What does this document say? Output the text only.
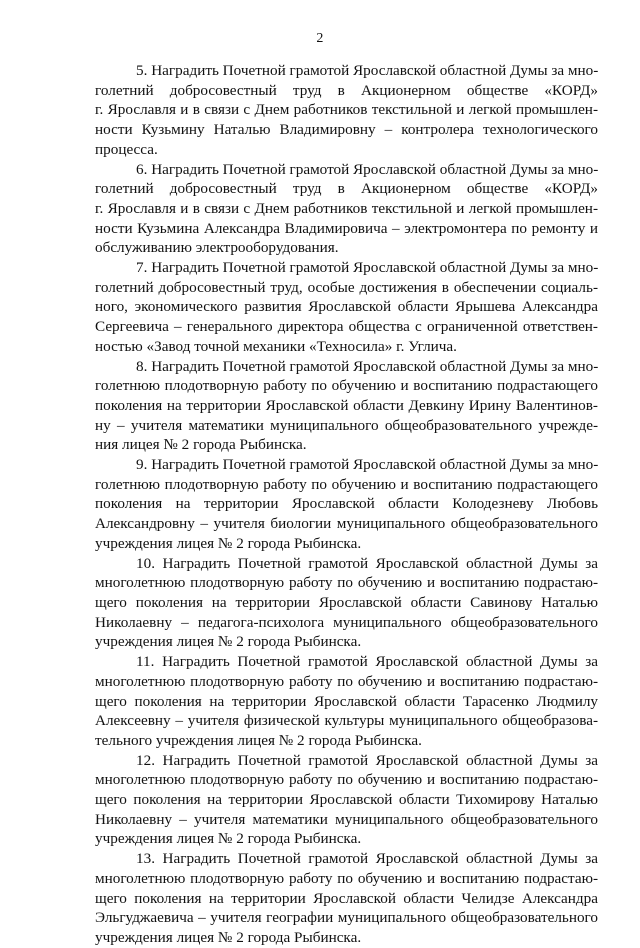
2

5. Наградить Почетной грамотой Ярославской областной Думы за мно-
голетний добросовестный труд в Акционерном обществе «КОРД»
г. Ярославля и в связи с Днем работников текстильной и легкой промышлен-
ности Кузьмину Наталью Владимировну – контролера технологического
процесса.

6. Наградить Почетной грамотой Ярославской областной Думы за мно-
голетний добросовестный труд в Акционерном обществе «КОРД»
г. Ярославля и в связи с Днем работников текстильной и легкой промышлен-
ности Кузьмина Александра Владимировича – электромонтера по ремонту и
обслуживанию электрооборудования.

7. Наградить Почетной грамотой Ярославской областной Думы за мно-
голетний добросовестный труд, особые достижения в обеспечении социаль-
ного, экономического развития Ярославской области Ярышева Александра
Сергеевича – генерального директора общества с ограниченной ответствен-
ностью «Завод точной механики «Техносила» г. Углича.

8. Наградить Почетной грамотой Ярославской областной Думы за мно-
голетнюю плодотворную работу по обучению и воспитанию подрастающего
поколения на территории Ярославской области Девкину Ирину Валентинов-
ну – учителя математики муниципального общеобразовательного учрежде-
ния лицея № 2 города Рыбинска.

9. Наградить Почетной грамотой Ярославской областной Думы за мно-
голетнюю плодотворную работу по обучению и воспитанию подрастающего
поколения на территории Ярославской области Колодезневу Любовь
Александровну – учителя биологии муниципального общеобразовательного
учреждения лицея № 2 города Рыбинска.

10. Наградить Почетной грамотой Ярославской областной Думы за
многолетнюю плодотворную работу по обучению и воспитанию подрастаю-
щего поколения на территории Ярославской области Савинову Наталью
Николаевну – педагога-психолога муниципального общеобразовательного
учреждения лицея № 2 города Рыбинска.

11. Наградить Почетной грамотой Ярославской областной Думы за
многолетнюю плодотворную работу по обучению и воспитанию подрастаю-
щего поколения на территории Ярославской области Тарасенко Людмилу
Алексеевну – учителя физической культуры муниципального общеобразова-
тельного учреждения лицея № 2 города Рыбинска.

12. Наградить Почетной грамотой Ярославской областной Думы за
многолетнюю плодотворную работу по обучению и воспитанию подрастаю-
щего поколения на территории Ярославской области Тихомирову Наталью
Николаевну – учителя математики муниципального общеобразовательного
учреждения лицея № 2 города Рыбинска.

13. Наградить Почетной грамотой Ярославской областной Думы за
многолетнюю плодотворную работу по обучению и воспитанию подрастаю-
щего поколения на территории Ярославской области Челидзе Александра
Эльгуджаевича – учителя географии муниципального общеобразовательного
учреждения лицея № 2 города Рыбинска.
